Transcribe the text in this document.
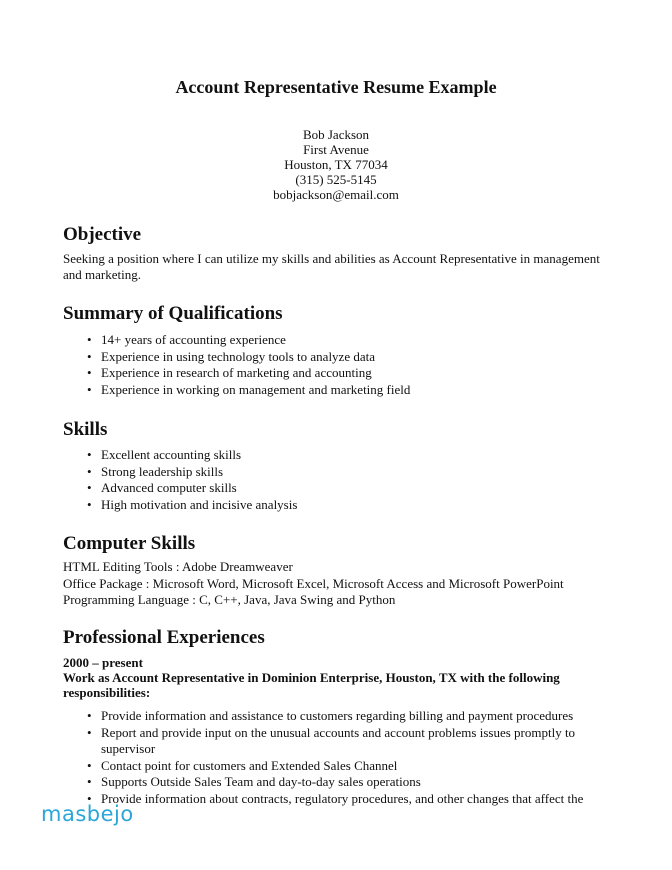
Account Representative Resume Example
Bob Jackson
First Avenue
Houston, TX 77034
(315) 525-5145
bobjackson@email.com
Objective
Seeking a position where I can utilize my skills and abilities as Account Representative in management
and marketing.
Summary of Qualifications
• 14+ years of accounting experience
• Experience in using technology tools to analyze data
• Experience in research of marketing and accounting
• Experience in working on management and marketing field
Skills
• Excellent accounting skills
• Strong leadership skills
• Advanced computer skills
• High motivation and incisive analysis
Computer Skills
HTML Editing Tools : Adobe Dreamweaver
Office Package : Microsoft Word, Microsoft Excel, Microsoft Access and Microsoft PowerPoint
Programming Language : C, C++, Java, Java Swing and Python
Professional Experiences
2000 – present
Work as Account Representative in Dominion Enterprise, Houston, TX with the following
responsibilities:
• Provide information and assistance to customers regarding billing and payment procedures
• Report and provide input on the unusual accounts and account problems issues promptly to supervisor
• Contact point for customers and Extended Sales Channel
• Supports Outside Sales Team and day-to-day sales operations
• Provide information about contracts, regulatory procedures, and other changes that affect the
masbejo
